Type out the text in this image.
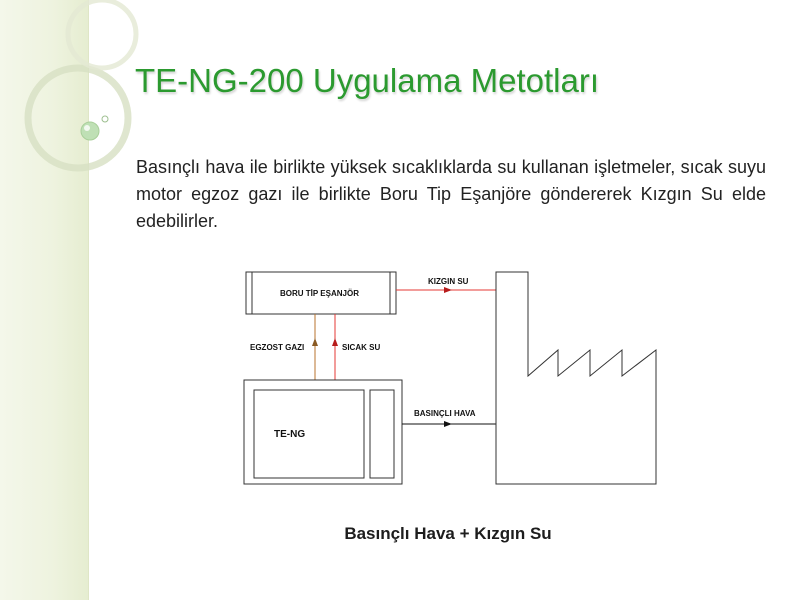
TE-NG-200 Uygulama Metotları

Basınçlı hava ile birlikte yüksek sıcaklıklarda su kullanan işletmeler, sıcak suyu motor egzoz gazı ile birlikte Boru Tip Eşanjöre göndererek Kızgın Su elde edebilirler.

BORU TİP EŞANJÖR
KIZGIN SU
EGZOST GAZI	SICAK SU
TE-NG
BASINÇLI HAVA

Basınçlı Hava + Kızgın Su
